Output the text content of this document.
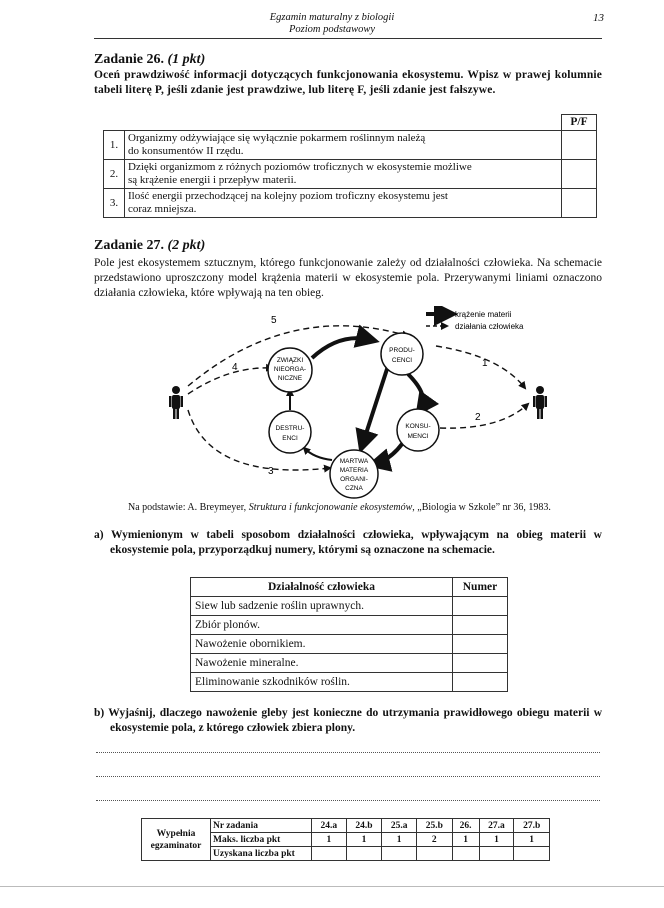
Egzamin maturalny z biologii
Poziom podstawowy
13
Zadanie 26. (1 pkt)
Oceń prawdziwość informacji dotyczących funkcjonowania ekosystemu. Wpisz w prawej kolumnie tabeli literę P, jeśli zdanie jest prawdziwe, lub literę F, jeśli zdanie jest fałszywe.
		P/F
1.	Organizmy odżywiające się wyłącznie pokarmem roślinnym należą
do konsumentów II rzędu.	
2.	Dzięki organizmom z różnych poziomów troficznych w ekosystemie możliwe
są krążenie energii i przepływ materii.	
3.	Ilość energii przechodzącej na kolejny poziom troficzny ekosystemu jest
coraz mniejsza.	
Zadanie 27. (2 pkt)
Pole jest ekosystemem sztucznym, którego funkcjonowanie zależy od działalności człowieka. Na schemacie przedstawiono uproszczony model krążenia materii w ekosystemie pola. Przerywanymi liniami oznaczono działania człowieka, które wpływają na ten obieg.
krążenie materii
działania człowieka
5
4
3
1
2
ZWIĄZKI
NIEORGA-
NICZNE
PRODU-
CENCI
KONSU-
MENCI
DESTRU-
ENCI
MARTWA
MATERIA
ORGANI-
CZNA
Na podstawie: A. Breymeyer, Struktura i funkcjonowanie ekosystemów, „Biologia w Szkole” nr 36, 1983.
a) Wymienionym w tabeli sposobom działalności człowieka, wpływającym na obieg materii w ekosystemie pola, przyporządkuj numery, którymi są oznaczone na schemacie.
Działalność człowieka	Numer
Siew lub sadzenie roślin uprawnych.	
Zbiór plonów.	
Nawożenie obornikiem.	
Nawożenie mineralne.	
Eliminowanie szkodników roślin.	
b) Wyjaśnij, dlaczego nawożenie gleby jest konieczne do utrzymania prawidłowego obiegu materii w ekosystemie pola, z którego człowiek zbiera plony.
Wypełnia
egzaminator	Nr zadania	24.a	24.b	25.a	25.b	26.	27.a	27.b
	Maks. liczba pkt	1	1	1	2	1	1	1
	Uzyskana liczba pkt							
